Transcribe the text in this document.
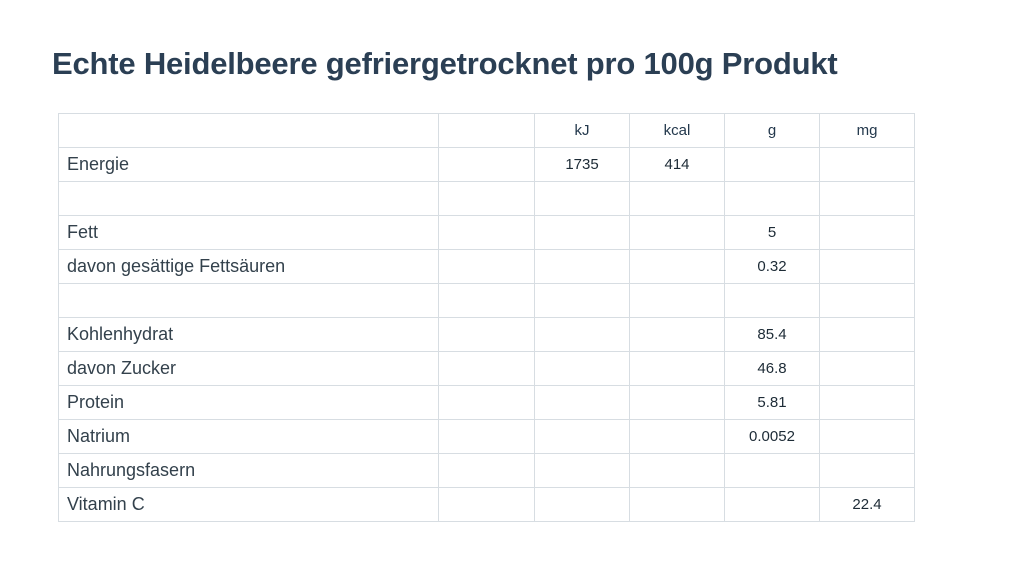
Echte Heidelbeere gefriergetrocknet pro 100g Produkt
		kJ	kcal	g	mg
Energie		1735	414		

Fett				5	
davon gesättige Fettsäuren				0.32	

Kohlenhydrat				85.4	
davon Zucker				46.8	
Protein				5.81	
Natrium				0.0052	
Nahrungsfasern					
Vitamin C					22.4
